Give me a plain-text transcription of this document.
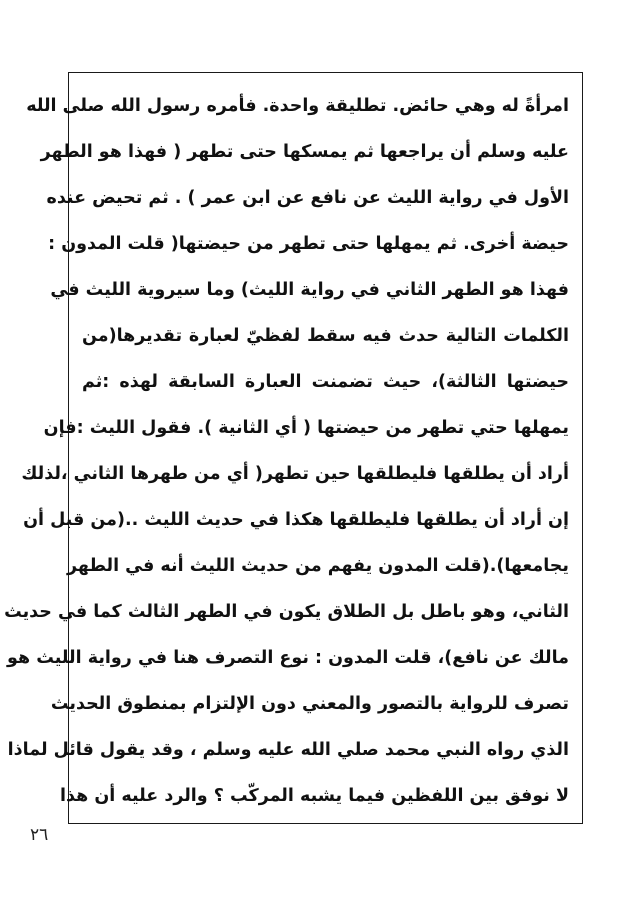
امرأةً له وهي حائض. تطليقة واحدة. فأمره رسول الله صلى الله
عليه وسلم أن يراجعها ثم يمسكها حتى تطهر ( فهذا هو الطهر
الأول في رواية الليث عن نافع عن ابن عمر ) . ثم تحيض عنده
حيضة أخرى. ثم يمهلها حتى تطهر من حيضتها( قلت المدون :
فهذا هو الطهر الثاني في رواية الليث) وما سيروية الليث في
الكلمات التالية حدث فيه سقط لفظيّ لعبارة تقديرها(من
حيضتها الثالثة)، حيث تضمنت العبارة السابقة لهذه :ثم
يمهلها حتي تطهر من حيضتها ( أي الثانية ). فقول الليث :فإن
أراد أن يطلقها فليطلقها حين تطهر( أي من طهرها الثاني ،لذلك
إن أراد أن يطلقها فليطلقها هكذا في حديث الليث ..(من قبل أن
يجامعها).(قلت المدون يفهم من حديث الليث أنه في الطهر
الثاني، وهو باطل بل الطلاق يكون في الطهر الثالث كما في حديث
مالك عن نافع)، قلت المدون : نوع التصرف هنا في رواية الليث هو
تصرف للرواية بالتصور والمعني دون الإلتزام بمنطوق الحديث
الذي رواه النبي محمد صلي الله عليه وسلم ، وقد يقول قائل لماذا
لا نوفق بين اللفظين فيما يشبه المركّب ؟ والرد عليه أن هذا
٢٦
